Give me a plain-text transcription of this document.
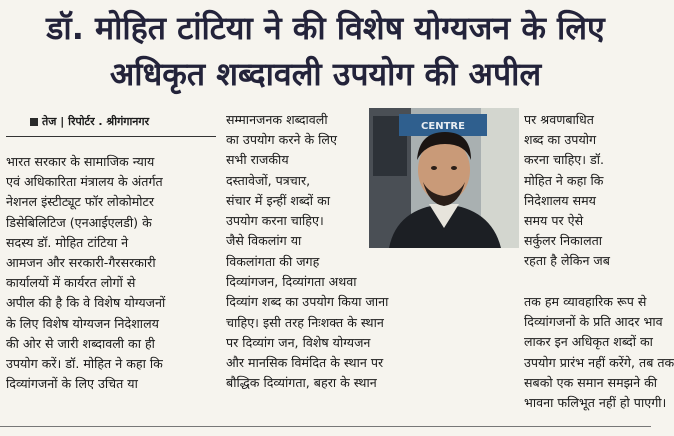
डॉ. मोहित टांटिया ने की विशेष योग्यजन के लिए
अधिकृत शब्दावली उपयोग की अपील
तेज | रिपोर्टर . श्रीगंगानगर
भारत सरकार के सामाजिक न्याय
एवं अधिकारिता मंत्रालय के अंतर्गत
नेशनल इंस्टीट्यूट फॉर लोकोमोटर
डिसेबिलिटिज (एनआईएलडी) के
सदस्य डॉ. मोहित टांटिया ने
आमजन और सरकारी-गैरसरकारी
कार्यालयों में कार्यरत लोगों से
अपील की है कि वे विशेष योग्यजनों
के लिए विशेष योग्यजन निदेशालय
की ओर से जारी शब्दावली का ही
उपयोग करें। डॉ. मोहित ने कहा कि
दिव्यांगजनों के लिए उचित या
सम्मानजनक शब्दावली
का उपयोग करने के लिए
सभी राजकीय
दस्तावेजों, पत्रचार,
संचार में इन्हीं शब्दों का
उपयोग करना चाहिए।
जैसे विकलांग या
CENTRE
विकलांगता की जगह
दिव्यांगजन, दिव्यांगता अथवा
दिव्यांग शब्द का उपयोग किया जाना
चाहिए। इसी तरह निःशक्त के स्थान
पर दिव्यांग जन, विशेष योग्यजन
और मानसिक विमंदित के स्थान पर
बौद्धिक दिव्यांगता, बहरा के स्थान
पर श्रवणबाधित
शब्द का उपयोग
करना चाहिए। डॉ.
मोहित ने कहा कि
निदेशालय समय
समय पर ऐसे
सर्कुलर निकालता
रहता है लेकिन जब
तक हम व्यावहारिक रूप से
दिव्यांगजनों के प्रति आदर भाव
लाकर इन अधिकृत शब्दों का
उपयोग प्रारंभ नहीं करेंगे, तब तक
सबको एक समान समझने की
भावना फलिभूत नहीं हो पाएगी।
